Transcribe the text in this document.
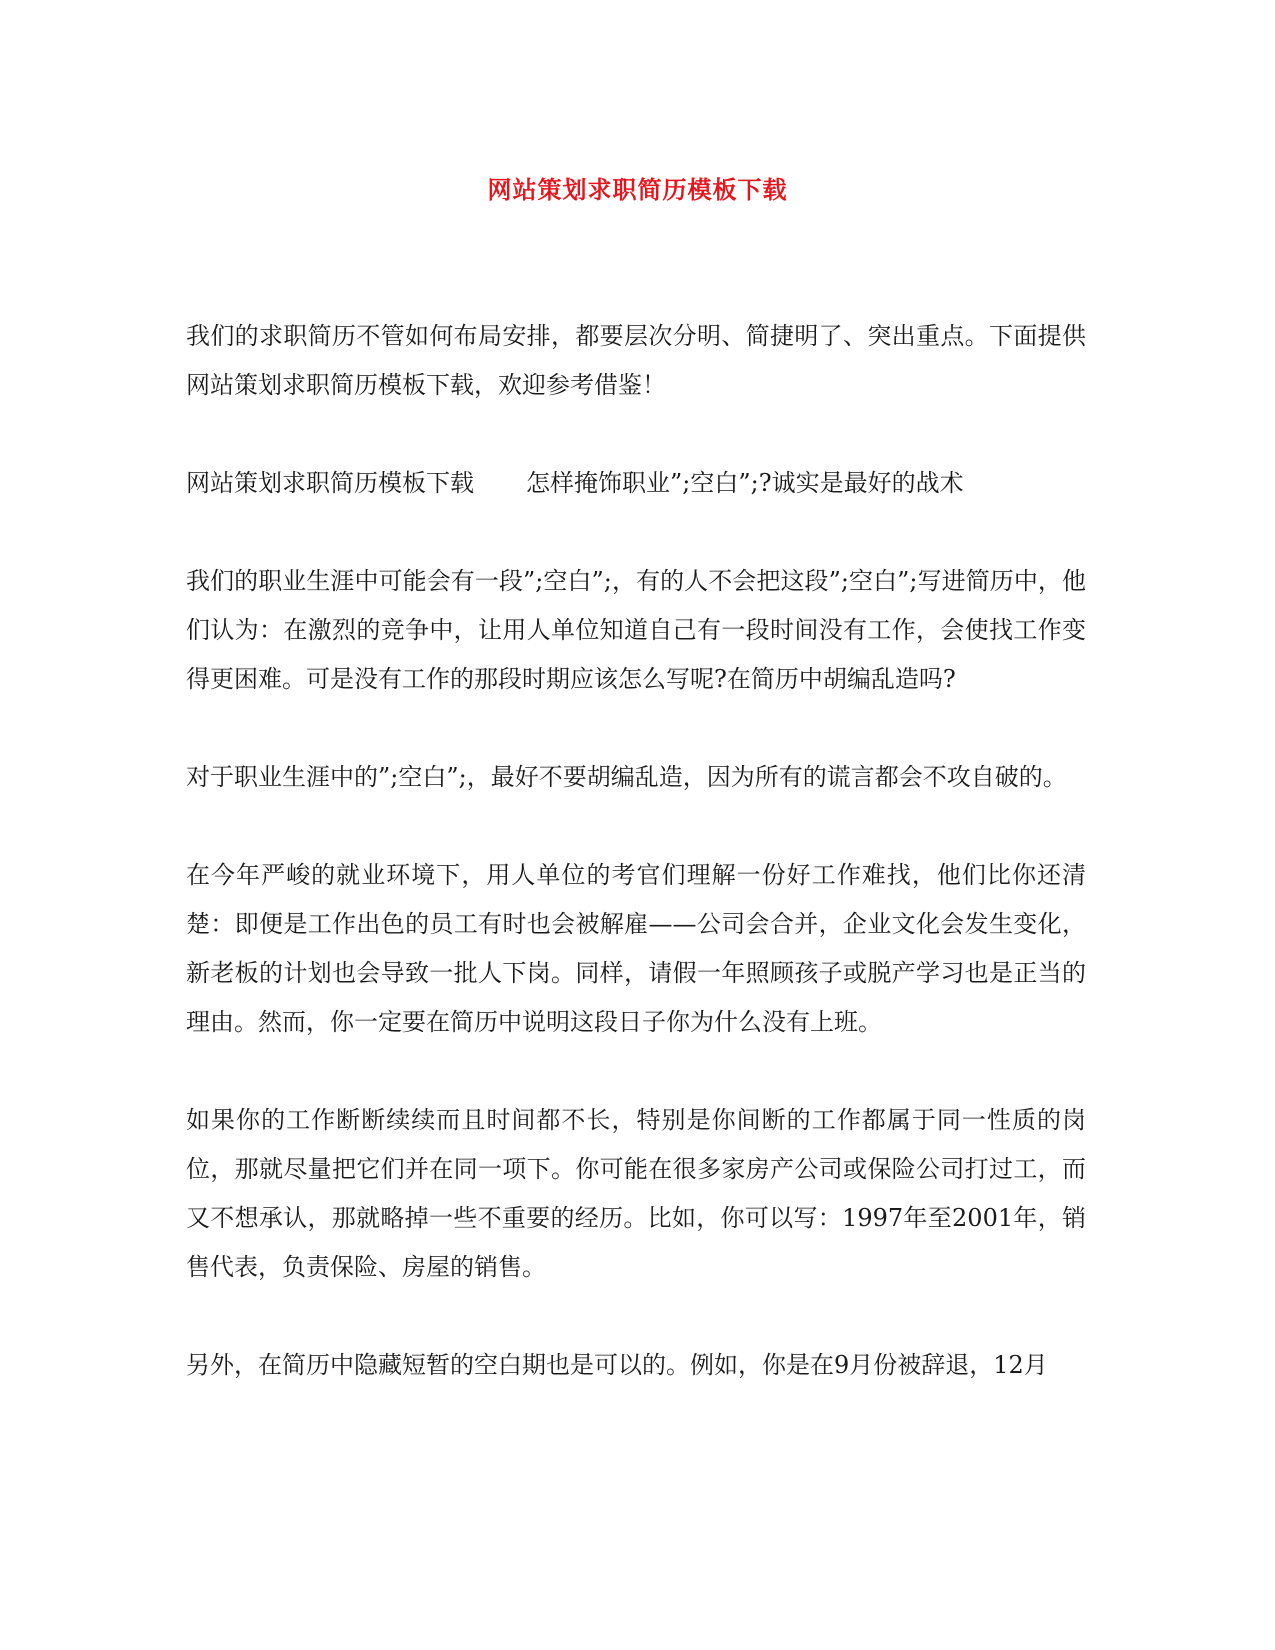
网站策划求职简历模板下载

我们的求职简历不管如何布局安排，都要层次分明、简捷明了、突出重点。下面提供网站策划求职简历模板下载，欢迎参考借鉴！

网站策划求职简历模板下载 怎样掩饰职业”;空白”;?诚实是最好的战术

我们的职业生涯中可能会有一段”;空白”;，有的人不会把这段”;空白”;写进简历中，他们认为：在激烈的竞争中，让用人单位知道自己有一段时间没有工作，会使找工作变得更困难。可是没有工作的那段时期应该怎么写呢?在简历中胡编乱造吗?

对于职业生涯中的”;空白”;，最好不要胡编乱造，因为所有的谎言都会不攻自破的。

在今年严峻的就业环境下，用人单位的考官们理解一份好工作难找，他们比你还清楚：即便是工作出色的员工有时也会被解雇——公司会合并，企业文化会发生变化，新老板的计划也会导致一批人下岗。同样，请假一年照顾孩子或脱产学习也是正当的理由。然而，你一定要在简历中说明这段日子你为什么没有上班。

如果你的工作断断续续而且时间都不长，特别是你间断的工作都属于同一性质的岗位，那就尽量把它们并在同一项下。你可能在很多家房产公司或保险公司打过工，而又不想承认，那就略掉一些不重要的经历。比如，你可以写：1997年至2001年，销售代表，负责保险、房屋的销售。

另外，在简历中隐藏短暂的空白期也是可以的。例如，你是在9月份被辞退，12月
